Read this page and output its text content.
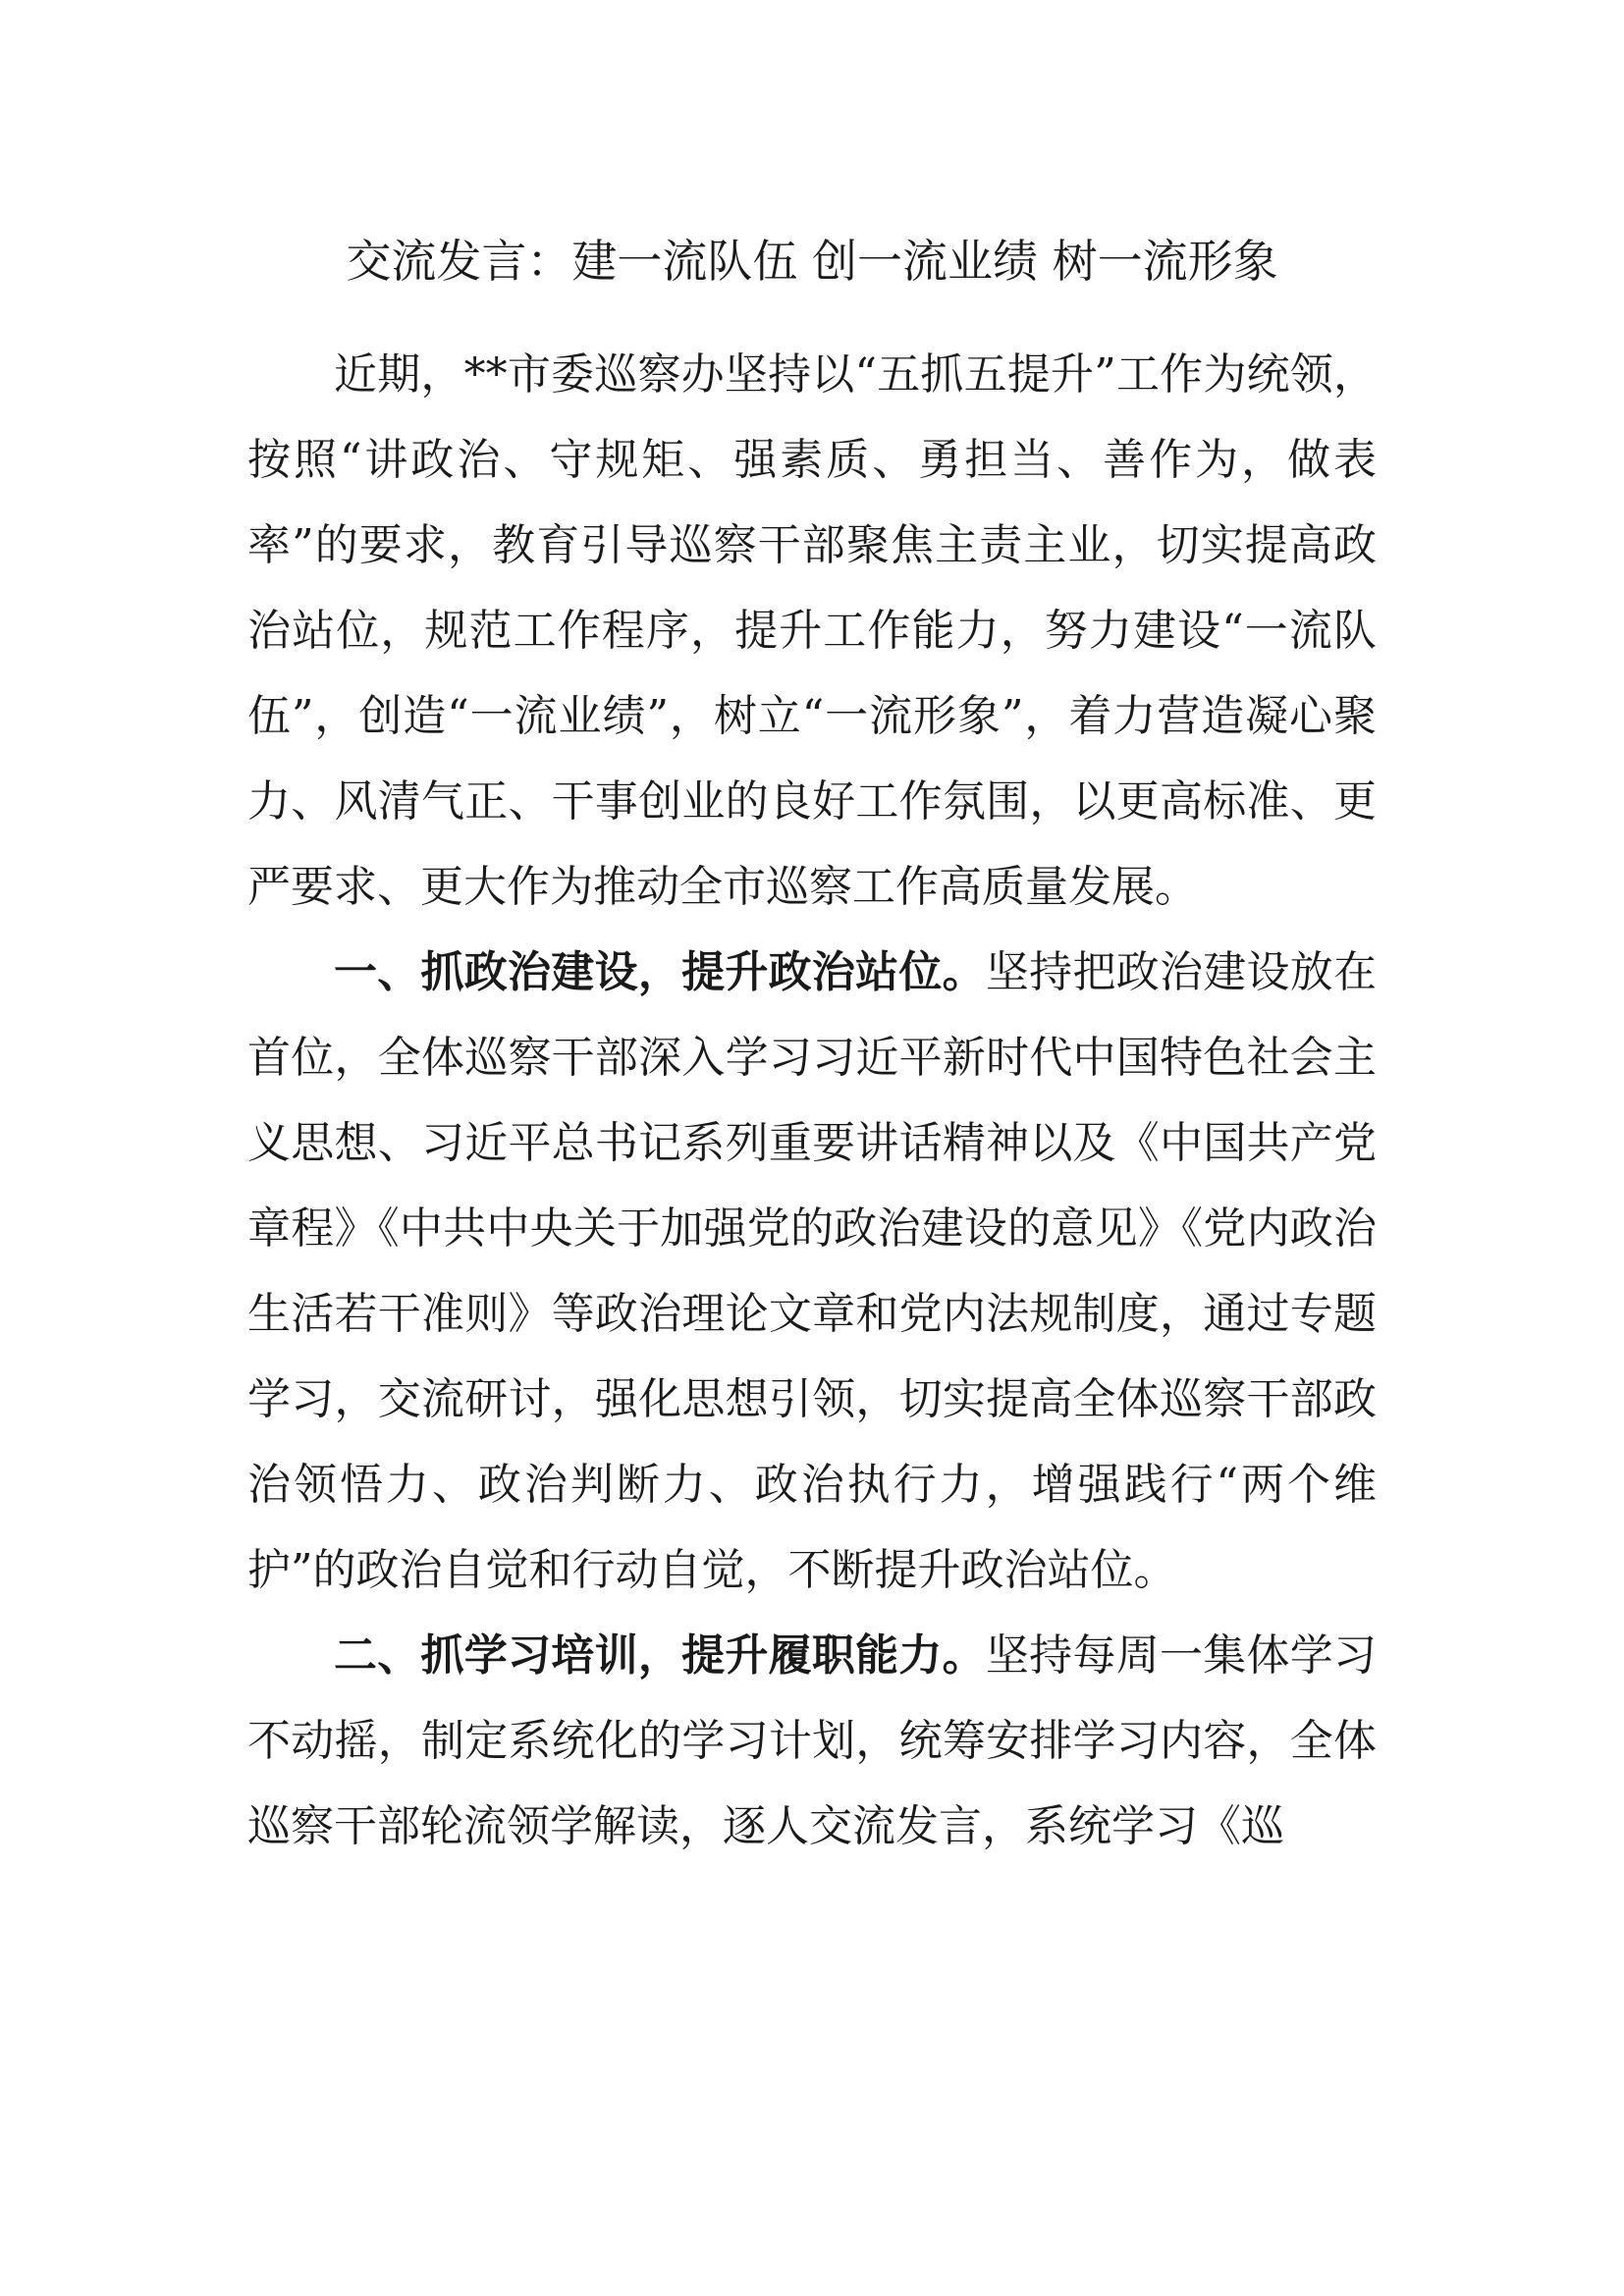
交流发言：建一流队伍 创一流业绩 树一流形象

近期，**市委巡察办坚持以“五抓五提升”工作为统领，按照“讲政治、守规矩、强素质、勇担当、善作为，做表率”的要求，教育引导巡察干部聚焦主责主业，切实提高政治站位，规范工作程序，提升工作能力，努力建设“一流队伍”，创造“一流业绩”，树立“一流形象”，着力营造凝心聚力、风清气正、干事创业的良好工作氛围，以更高标准、更严要求、更大作为推动全市巡察工作高质量发展。

一、抓政治建设，提升政治站位。坚持把政治建设放在首位，全体巡察干部深入学习习近平新时代中国特色社会主义思想、习近平总书记系列重要讲话精神以及《中国共产党章程》《中共中央关于加强党的政治建设的意见》《党内政治生活若干准则》等政治理论文章和党内法规制度，通过专题学习，交流研讨，强化思想引领，切实提高全体巡察干部政治领悟力、政治判断力、政治执行力，增强践行“两个维护”的政治自觉和行动自觉，不断提升政治站位。

二、抓学习培训，提升履职能力。坚持每周一集体学习不动摇，制定系统化的学习计划，统筹安排学习内容，全体巡察干部轮流领学解读，逐人交流发言，系统学习《巡
